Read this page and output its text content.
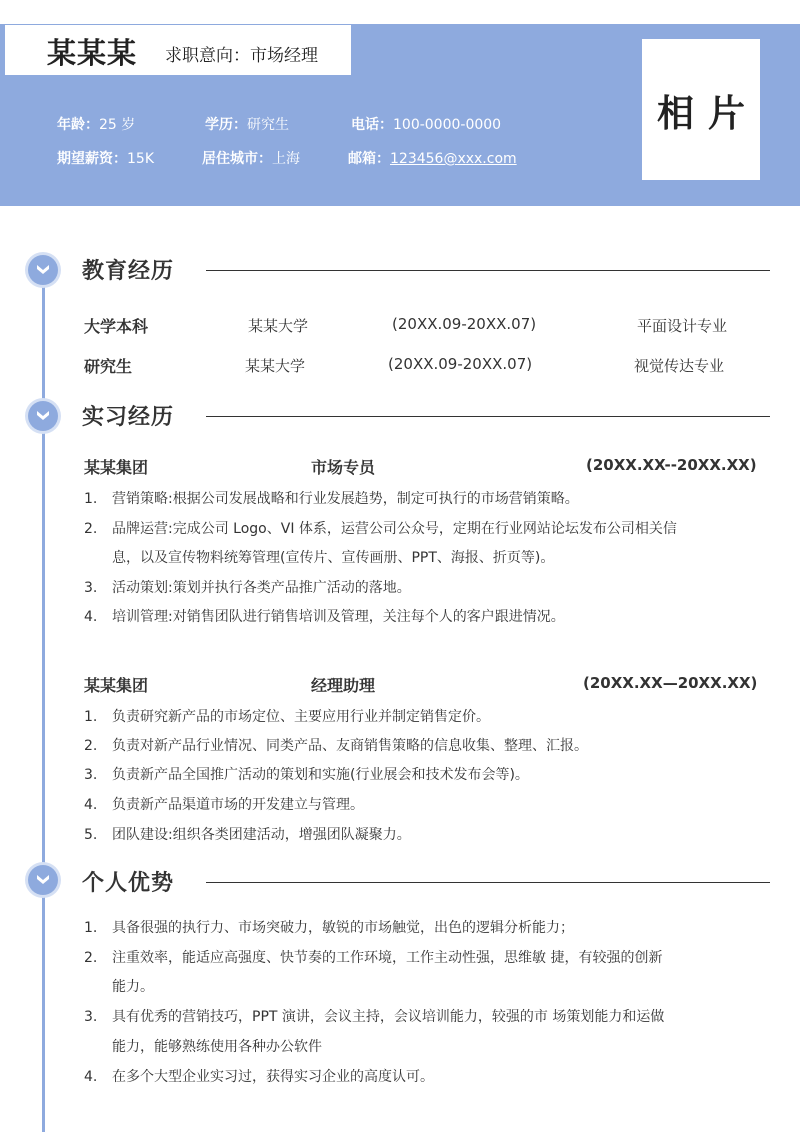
某某某 求职意向：市场经理
年龄：25 岁	学历：研究生	电话：100-0000-0000
期望薪资：15K	居住城市：上海	邮箱：123456@xxx.com
相片
教育经历
大学本科	某某大学	(20XX.09-20XX.07)	平面设计专业
研究生	某某大学	(20XX.09-20XX.07)	视觉传达专业
实习经历
某某集团	市场专员	(20XX.XX--20XX.XX)
1. 营销策略:根据公司发展战略和行业发展趋势，制定可执行的市场营销策略。
2. 品牌运营:完成公司 Logo、VI 体系，运营公司公众号，定期在行业网站论坛发布公司相关信
息，以及宣传物料统筹管理(宣传片、宣传画册、PPT、海报、折页等)。
3. 活动策划:策划并执行各类产品推广活动的落地。
4. 培训管理:对销售团队进行销售培训及管理，关注每个人的客户跟进情况。
某某集团	经理助理	(20XX.XX—20XX.XX)
1. 负责研究新产品的市场定位、主要应用行业并制定销售定价。
2. 负责对新产品行业情况、同类产品、友商销售策略的信息收集、整理、汇报。
3. 负责新产品全国推广活动的策划和实施(行业展会和技术发布会等)。
4. 负责新产品渠道市场的开发建立与管理。
5. 团队建设:组织各类团建活动，增强团队凝聚力。
个人优势
1. 具备很强的执行力、市场突破力，敏锐的市场触觉，出色的逻辑分析能力；
2. 注重效率，能适应高强度、快节奏的工作环境，工作主动性强，思维敏 捷，有较强的创新
能力。
3. 具有优秀的营销技巧，PPT 演讲，会议主持，会议培训能力，较强的市 场策划能力和运做
能力，能够熟练使用各种办公软件
4. 在多个大型企业实习过，获得实习企业的高度认可。
